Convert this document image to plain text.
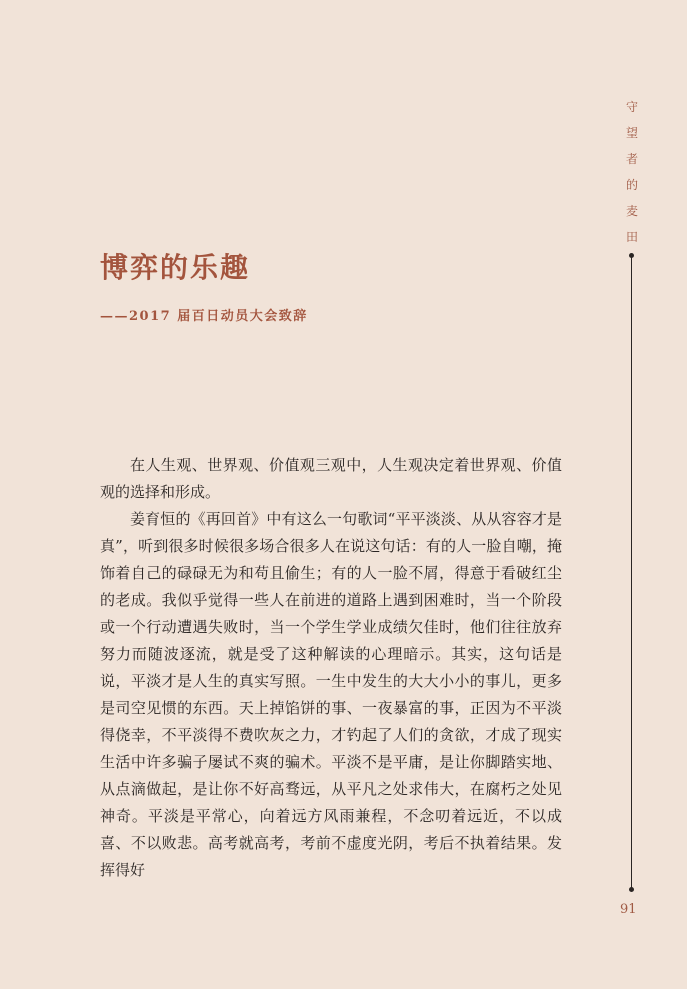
守
望
者
的
麦
田
91
博弈的乐趣
——2017 届百日动员大会致辞

在人生观、世界观、价值观三观中，人生观决定着世界观、价值观的选择和形成。

姜育恒的《再回首》中有这么一句歌词“平平淡淡、从从容容才是真”，听到很多时候很多场合很多人在说这句话：有的人一脸自嘲，掩饰着自己的碌碌无为和苟且偷生；有的人一脸不屑，得意于看破红尘的老成。我似乎觉得一些人在前进的道路上遇到困难时，当一个阶段或一个行动遭遇失败时，当一个学生学业成绩欠佳时，他们往往放弃努力而随波逐流，就是受了这种解读的心理暗示。其实，这句话是说，平淡才是人生的真实写照。一生中发生的大大小小的事儿，更多是司空见惯的东西。天上掉馅饼的事、一夜暴富的事，正因为不平淡得侥幸，不平淡得不费吹灰之力，才钓起了人们的贪欲，才成了现实生活中许多骗子屡试不爽的骗术。平淡不是平庸，是让你脚踏实地、从点滴做起，是让你不好高骛远，从平凡之处求伟大，在腐朽之处见神奇。平淡是平常心，向着远方风雨兼程，不念叨着远近，不以成喜、不以败悲。高考就高考，考前不虚度光阴，考后不执着结果。发挥得好
